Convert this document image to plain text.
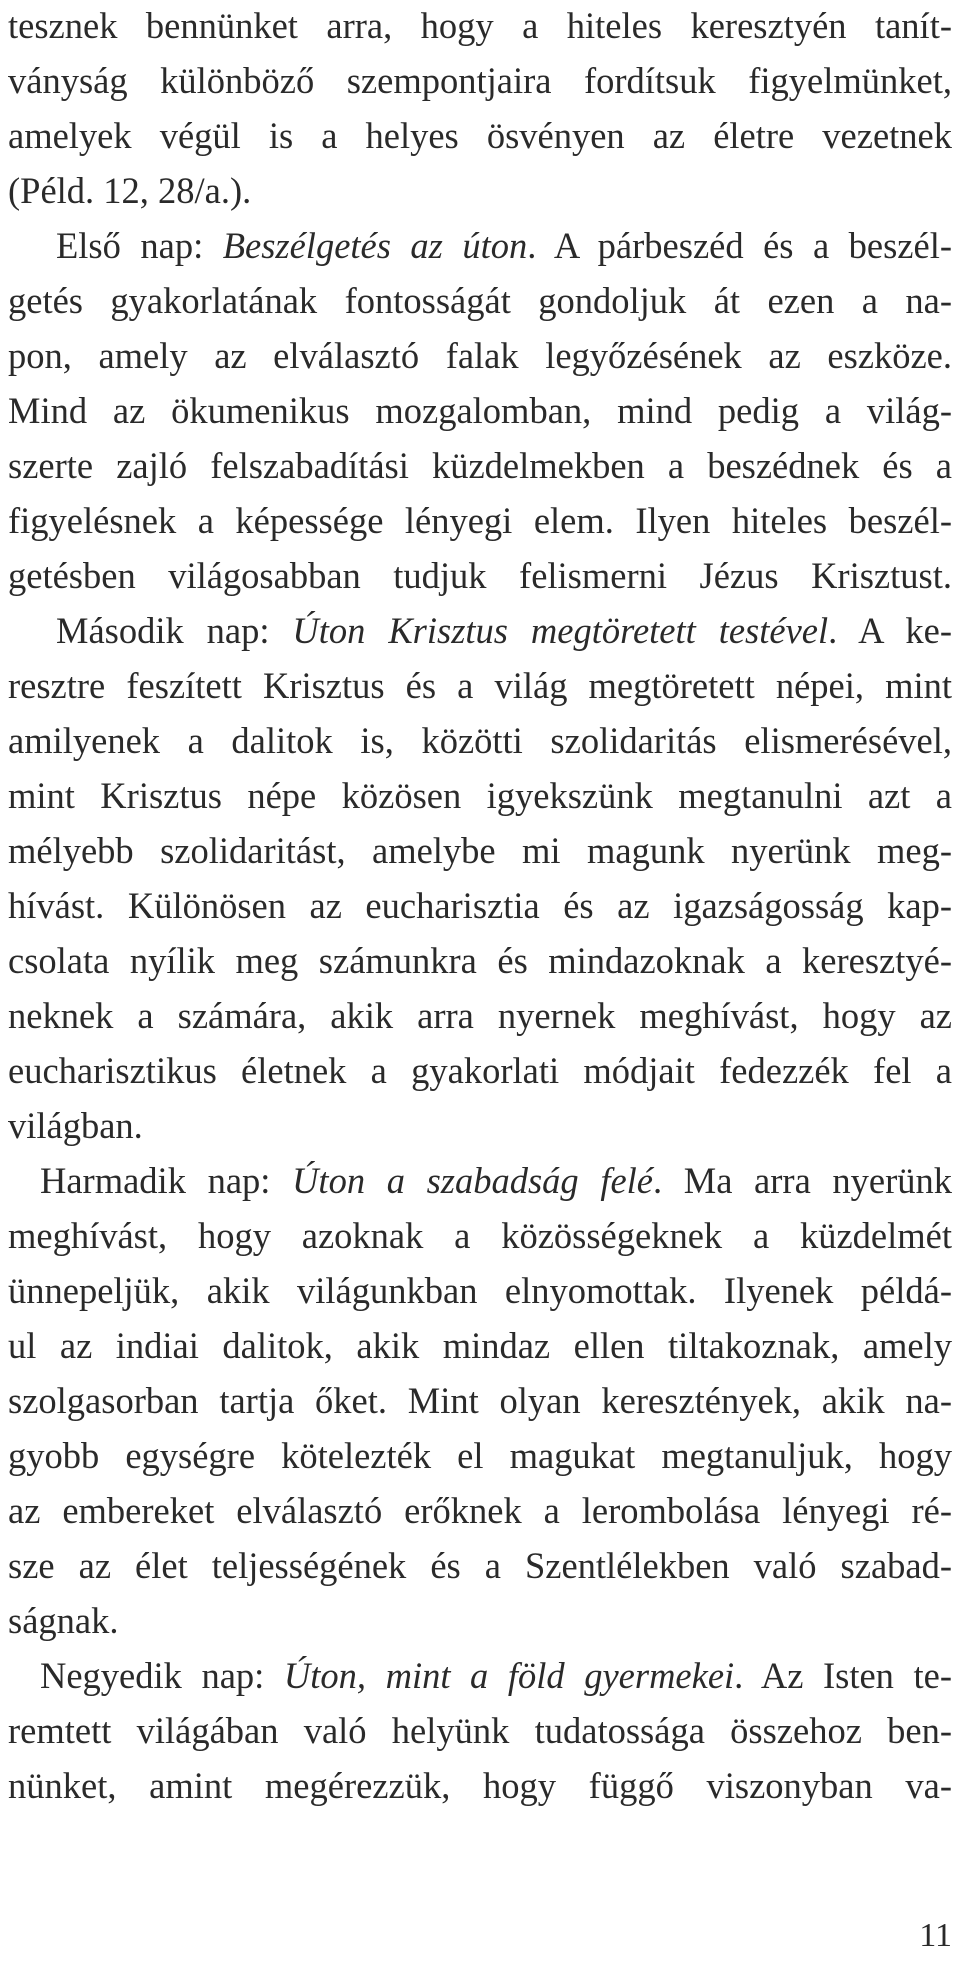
tesznek bennünket arra, hogy a hiteles keresztyén tanít-
ványság különböző szempontjaira fordítsuk figyelmünket,
amelyek végül is a helyes ösvényen az életre vezetnek
(Péld. 12, 28/a.).
Első nap: Beszélgetés az úton. A párbeszéd és a beszél-
getés gyakorlatának fontosságát gondoljuk át ezen a na-
pon, amely az elválasztó falak legyőzésének az eszköze.
Mind az ökumenikus mozgalomban, mind pedig a világ-
szerte zajló felszabadítási küzdelmekben a beszédnek és a
figyelésnek a képessége lényegi elem. Ilyen hiteles beszél-
getésben világosabban tudjuk felismerni Jézus Krisztust.
Második nap: Úton Krisztus megtöretett testével. A ke-
resztre feszített Krisztus és a világ megtöretett népei, mint
amilyenek a dalitok is, közötti szolidaritás elismerésével,
mint Krisztus népe közösen igyekszünk megtanulni azt a
mélyebb szolidaritást, amelybe mi magunk nyerünk meg-
hívást. Különösen az eucharisztia és az igazságosság kap-
csolata nyílik meg számunkra és mindazoknak a keresztyé-
neknek a számára, akik arra nyernek meghívást, hogy az
eucharisztikus életnek a gyakorlati módjait fedezzék fel a
világban.
Harmadik nap: Úton a szabadság felé. Ma arra nyerünk
meghívást, hogy azoknak a közösségeknek a küzdelmét
ünnepeljük, akik világunkban elnyomottak. Ilyenek példá-
ul az indiai dalitok, akik mindaz ellen tiltakoznak, amely
szolgasorban tartja őket. Mint olyan keresztények, akik na-
gyobb egységre kötelezték el magukat megtanuljuk, hogy
az embereket elválasztó erőknek a lerombolása lényegi ré-
sze az élet teljességének és a Szentlélekben való szabad-
ságnak.
Negyedik nap: Úton, mint a föld gyermekei. Az Isten te-
remtett világában való helyünk tudatossága összehoz ben-
nünket, amint megérezzük, hogy függő viszonyban va-
11
